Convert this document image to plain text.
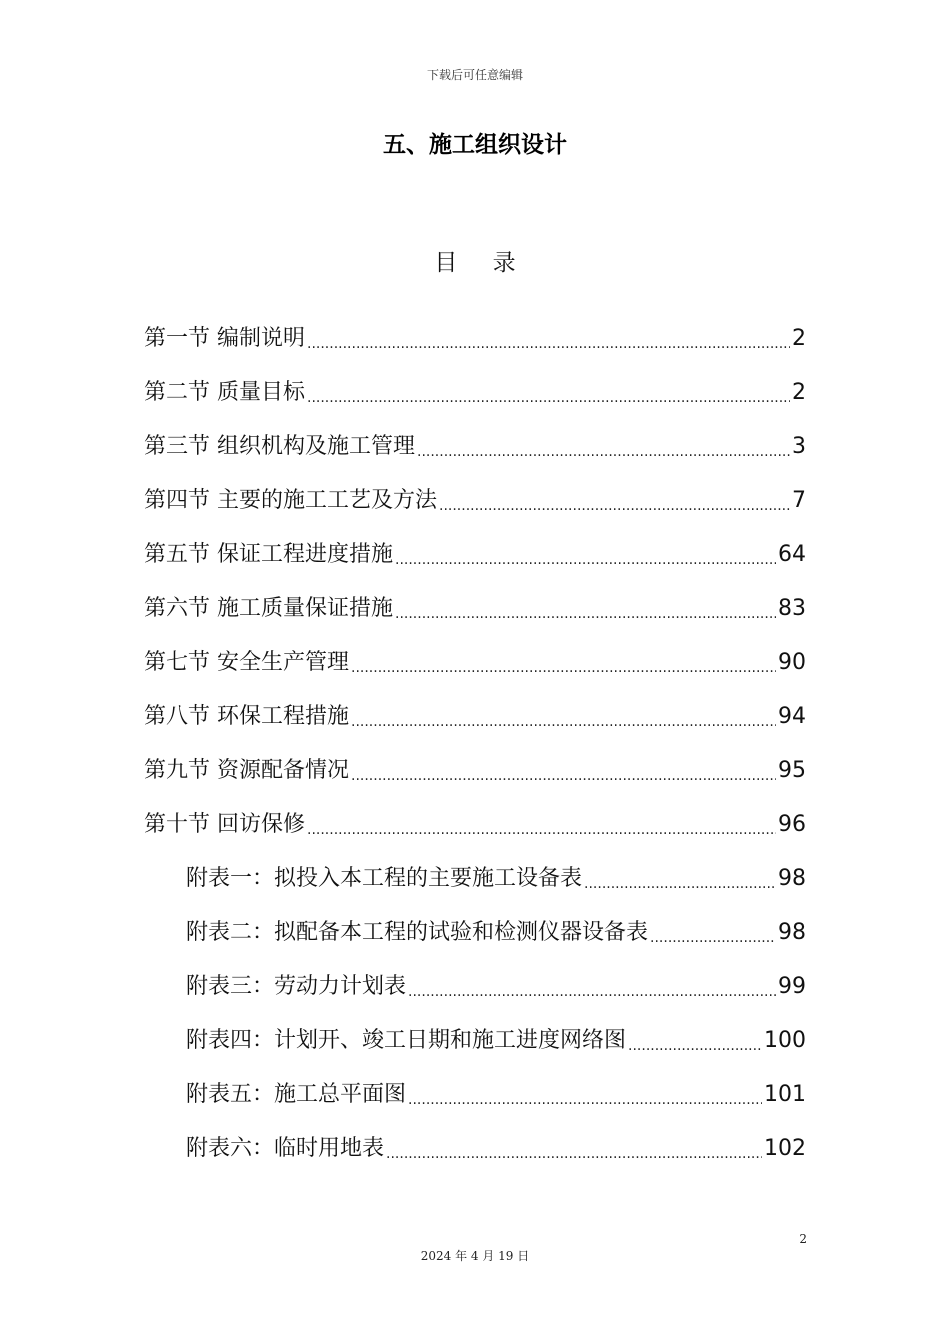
下载后可任意编辑
五、施工组织设计
目 录
第一节 编制说明 .....	2
第二节 质量目标 .....	2
第三节 组织机构及施工管理 .....	3
第四节 主要的施工工艺及方法 .....	7
第五节 保证工程进度措施 .....	64
第六节 施工质量保证措施 .....	83
第七节 安全生产管理 .....	90
第八节 环保工程措施 .....	94
第九节 资源配备情况 .....	95
第十节 回访保修 .....	96
附表一：拟投入本工程的主要施工设备表 .....	98
附表二：拟配备本工程的试验和检测仪器设备表 .....	98
附表三：劳动力计划表 .....	99
附表四：计划开、竣工日期和施工进度网络图 .....	100
附表五：施工总平面图 .....	101
附表六：临时用地表 .....	102
2
2024 年 4 月 19 日
